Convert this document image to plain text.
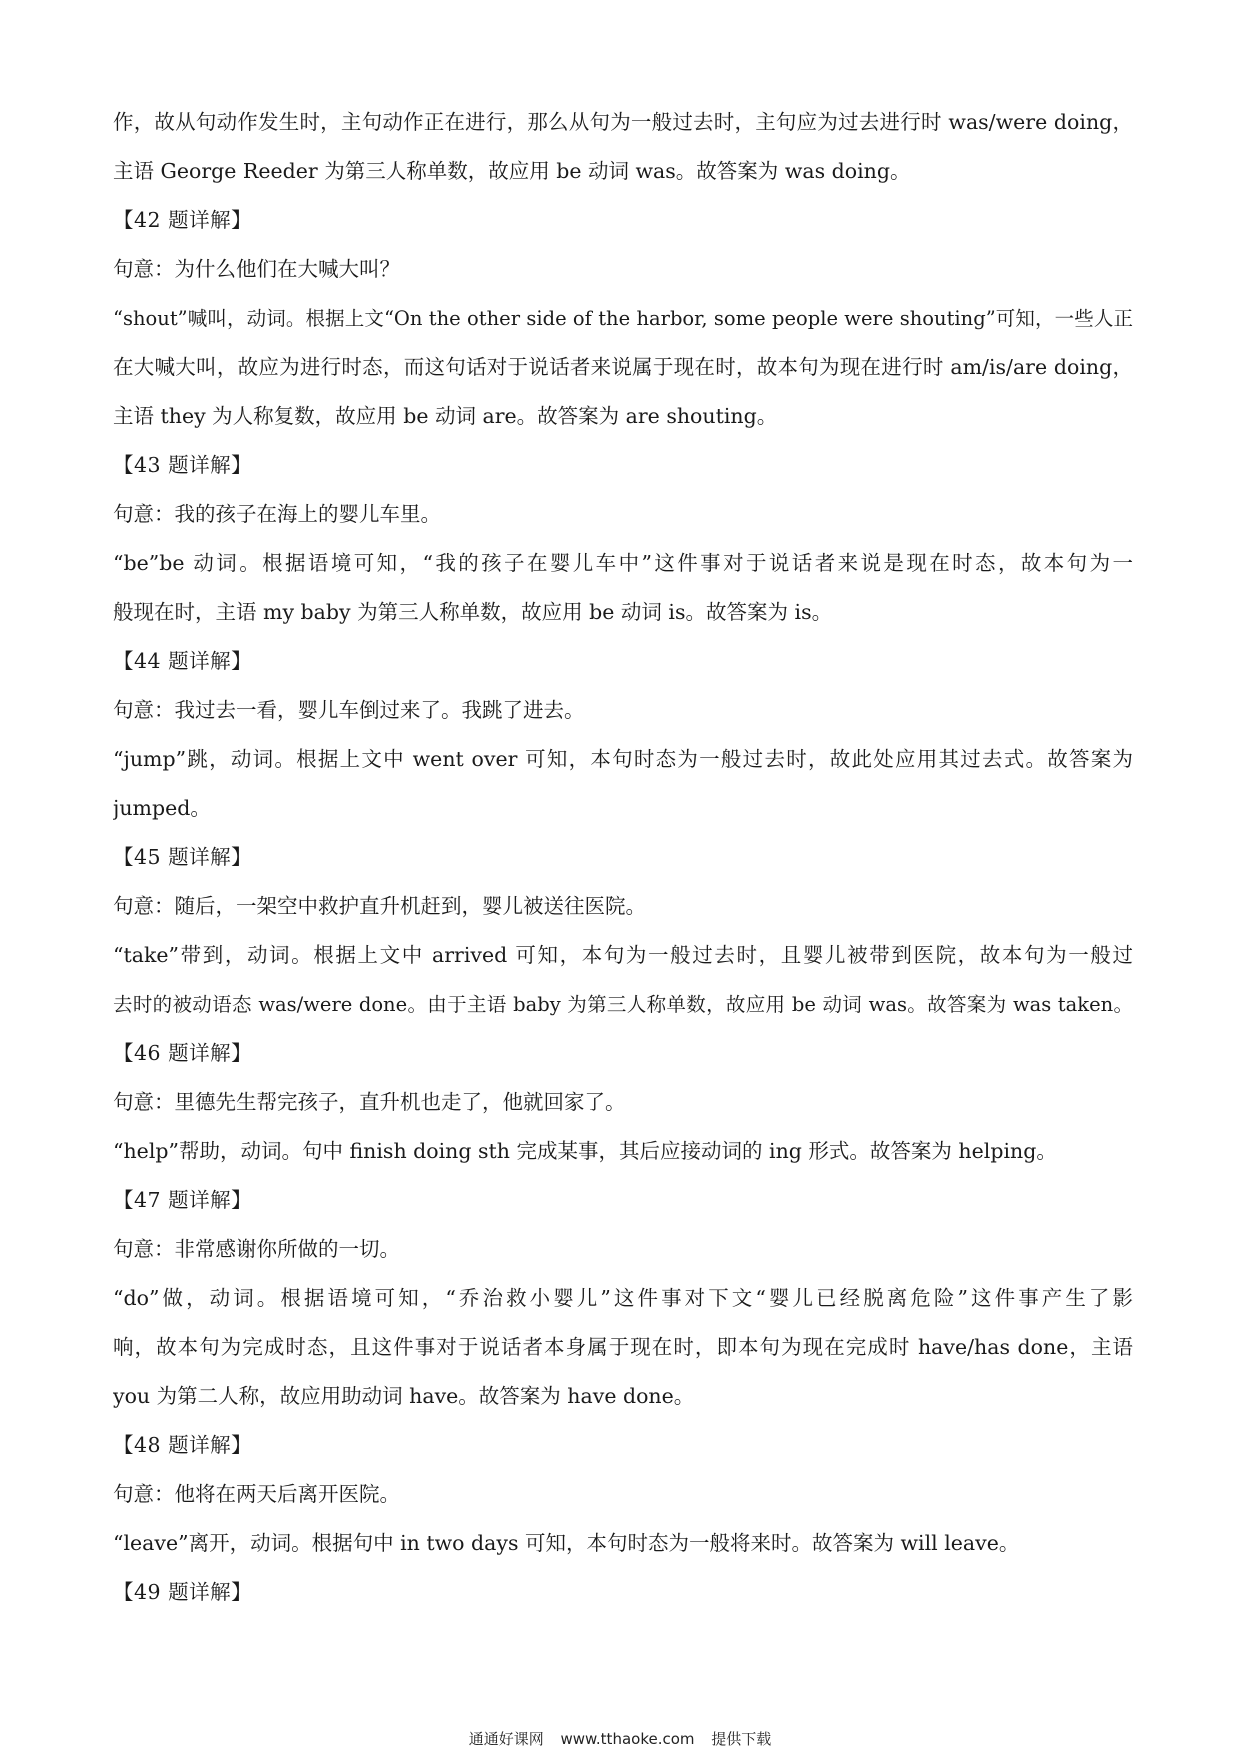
作，故从句动作发生时，主句动作正在进行，那么从句为一般过去时，主句应为过去进行时 was/were doing，
主语 George Reeder 为第三人称单数，故应用 be 动词 was。故答案为 was doing。
【42 题详解】
句意：为什么他们在大喊大叫？
“shout”喊叫，动词。根据上文“On the other side of the harbor, some people were shouting”可知，一些人正
在大喊大叫，故应为进行时态，而这句话对于说话者来说属于现在时，故本句为现在进行时 am/is/are doing，
主语 they 为人称复数，故应用 be 动词 are。故答案为 are shouting。
【43 题详解】
句意：我的孩子在海上的婴儿车里。
“be”be 动词。根据语境可知，“我的孩子在婴儿车中”这件事对于说话者来说是现在时态，故本句为一
般现在时，主语 my baby 为第三人称单数，故应用 be 动词 is。故答案为 is。
【44 题详解】
句意：我过去一看，婴儿车倒过来了。我跳了进去。
“jump”跳，动词。根据上文中 went over 可知，本句时态为一般过去时，故此处应用其过去式。故答案为
jumped。
【45 题详解】
句意：随后，一架空中救护直升机赶到，婴儿被送往医院。
“take”带到，动词。根据上文中 arrived 可知，本句为一般过去时，且婴儿被带到医院，故本句为一般过
去时的被动语态 was/were done。由于主语 baby 为第三人称单数，故应用 be 动词 was。故答案为 was taken。
【46 题详解】
句意：里德先生帮完孩子，直升机也走了，他就回家了。
“help”帮助，动词。句中 finish doing sth 完成某事，其后应接动词的 ing 形式。故答案为 helping。
【47 题详解】
句意：非常感谢你所做的一切。
“do”做，动词。根据语境可知，“乔治救小婴儿”这件事对下文“婴儿已经脱离危险”这件事产生了影
响，故本句为完成时态，且这件事对于说话者本身属于现在时，即本句为现在完成时 have/has done，主语
you 为第二人称，故应用助动词 have。故答案为 have done。
【48 题详解】
句意：他将在两天后离开医院。
“leave”离开，动词。根据句中 in two days 可知，本句时态为一般将来时。故答案为 will leave。
【49 题详解】
通通好课网 www.tthaoke.com 提供下载
